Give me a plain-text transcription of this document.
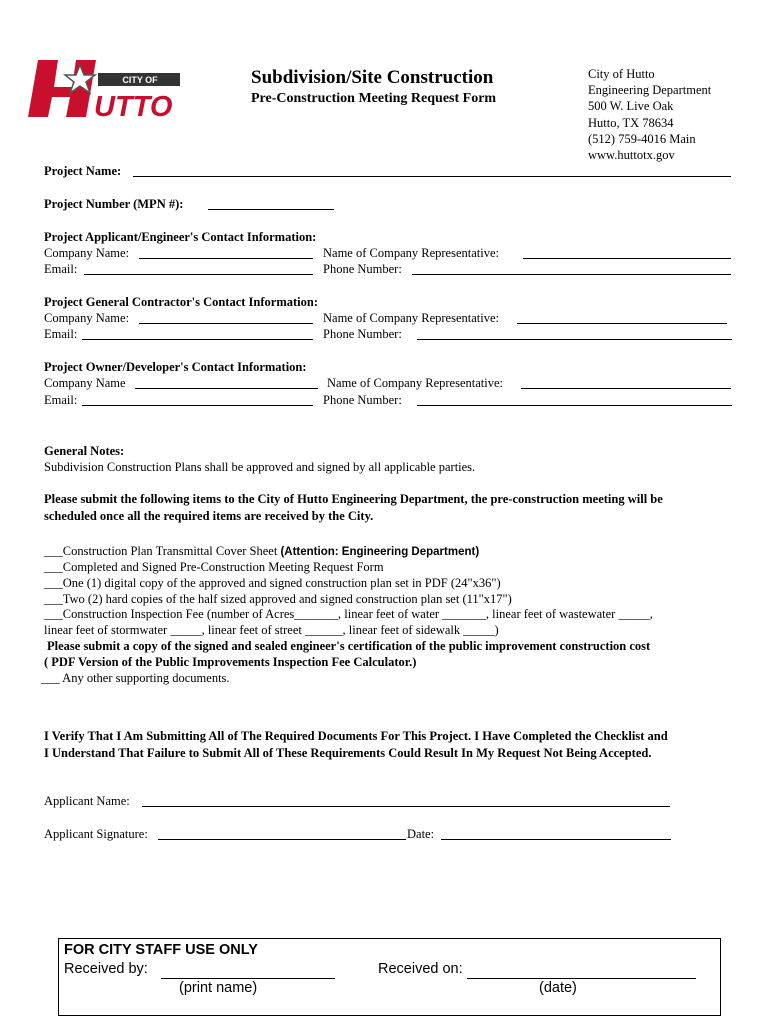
CITY OF
UTTO
Subdivision/Site Construction
Pre-Construction Meeting Request Form
City of Hutto
Engineering Department
500 W. Live Oak
Hutto, TX 78634
(512) 759-4016 Main
www.huttotx.gov
Project Name:
Project Number (MPN #):
Project Applicant/Engineer's Contact Information:
Company Name:	Name of Company Representative:
Email:	Phone Number:
Project General Contractor's Contact Information:
Company Name:	Name of Company Representative:
Email:	Phone Number:
Project Owner/Developer's Contact Information:
Company Name	Name of Company Representative:
Email:	Phone Number:
General Notes:
Subdivision Construction Plans shall be approved and signed by all applicable parties.
Please submit the following items to the City of Hutto Engineering Department, the pre-construction meeting will be
scheduled once all the required items are received by the City.
___Construction Plan Transmittal Cover Sheet (Attention: Engineering Department)
___Completed and Signed Pre-Construction Meeting Request Form
___One (1) digital copy of the approved and signed construction plan set in PDF (24"x36")
___Two (2) hard copies of the half sized approved and signed construction plan set (11"x17")
___Construction Inspection Fee (number of Acres_______, linear feet of water _______, linear feet of wastewater _____,
linear feet of stormwater _____, linear feet of street ______, linear feet of sidewalk _____)
Please submit a copy of the signed and sealed engineer's certification of the public improvement construction cost
( PDF Version of the Public Improvements Inspection Fee Calculator.)
___ Any other supporting documents.
I Verify That I Am Submitting All of The Required Documents For This Project. I Have Completed the Checklist and
I Understand That Failure to Submit All of These Requirements Could Result In My Request Not Being Accepted.
Applicant Name:
Applicant Signature:	Date:
FOR CITY STAFF USE ONLY
Received by:
(print name)
Received on:
(date)
